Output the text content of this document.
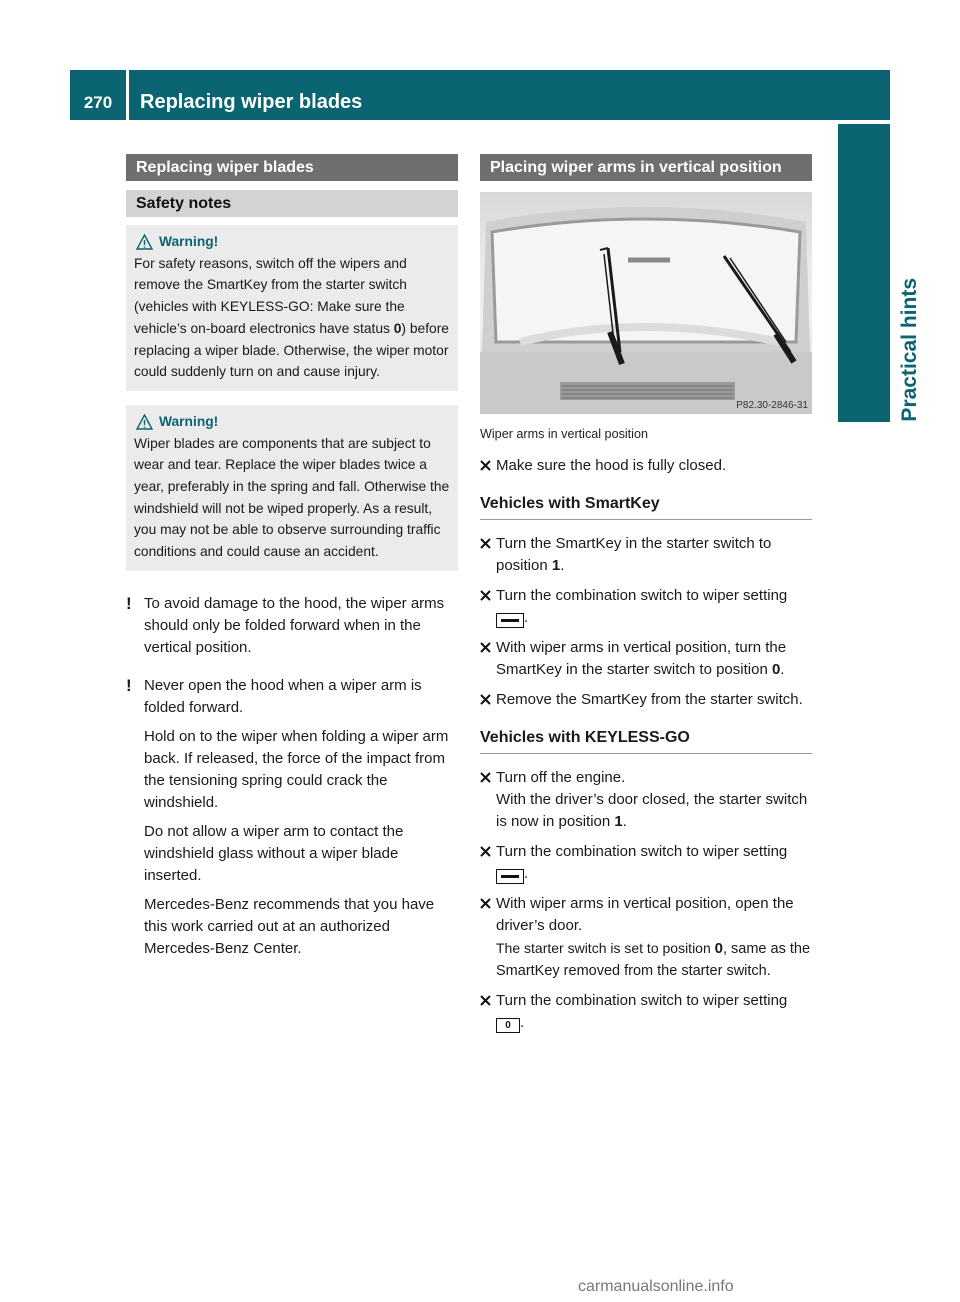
270	Replacing wiper blades
Practical hints
Replacing wiper blades
Safety notes
Warning!
For safety reasons, switch off the wipers and remove the SmartKey from the starter switch (vehicles with KEYLESS-GO: Make sure the vehicle’s on-board electronics have status 0) before replacing a wiper blade. Otherwise, the wiper motor could suddenly turn on and cause injury.
Warning!
Wiper blades are components that are subject to wear and tear. Replace the wiper blades twice a year, preferably in the spring and fall. Otherwise the windshield will not be wiped properly. As a result, you may not be able to observe surrounding traffic conditions and could cause an accident.
! To avoid damage to the hood, the wiper arms should only be folded forward when in the vertical position.
! Never open the hood when a wiper arm is folded forward.
Hold on to the wiper when folding a wiper arm back. If released, the force of the impact from the tensioning spring could crack the windshield.
Do not allow a wiper arm to contact the windshield glass without a wiper blade inserted.
Mercedes-Benz recommends that you have this work carried out at an authorized Mercedes-Benz Center.
Placing wiper arms in vertical position
P82.30-2846-31
Wiper arms in vertical position
Make sure the hood is fully closed.
Vehicles with SmartKey
Turn the SmartKey in the starter switch to position 1.
Turn the combination switch to wiper setting .
With wiper arms in vertical position, turn the SmartKey in the starter switch to position 0.
Remove the SmartKey from the starter switch.
Vehicles with KEYLESS-GO
Turn off the engine.
With the driver’s door closed, the starter switch is now in position 1.
Turn the combination switch to wiper setting .
With wiper arms in vertical position, open the driver’s door.
The starter switch is set to position 0, same as the SmartKey removed from the starter switch.
Turn the combination switch to wiper setting 0 .
carmanualsonline.info
